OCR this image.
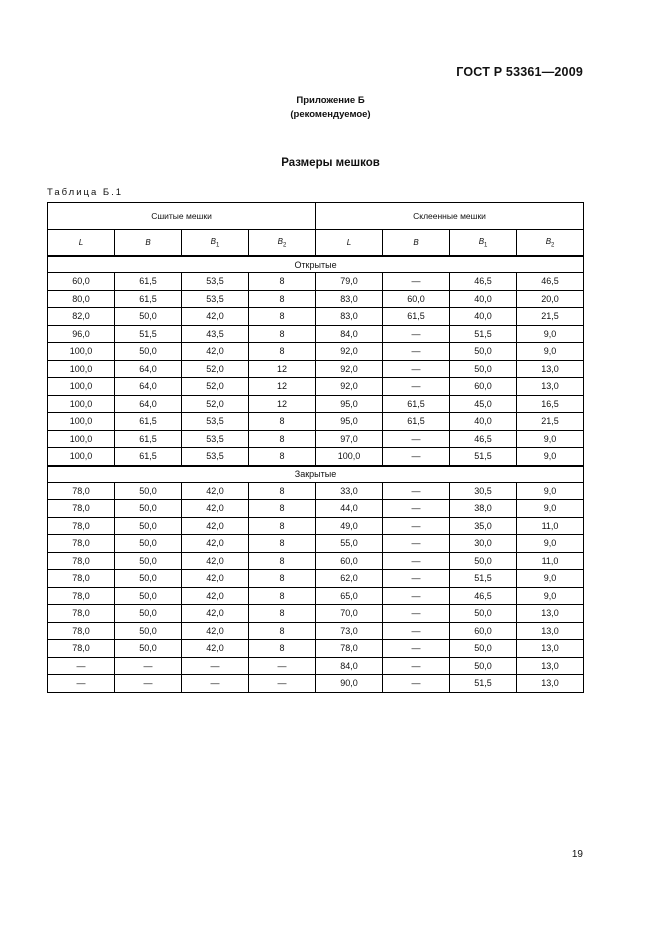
ГОСТ Р 53361—2009
Приложение Б
(рекомендуемое)
Размеры мешков
Таблица Б.1
Сшитые мешки				Склеенные мешки			
L	B	$B_1$	$B_2$	L	B	$B_1$	$B_2$
Открытые							
60,0	61,5	53,5	8	79,0	—	46,5	46,5
80,0	61,5	53,5	8	83,0	60,0	40,0	20,0
82,0	50,0	42,0	8	83,0	61,5	40,0	21,5
96,0	51,5	43,5	8	84,0	—	51,5	9,0
100,0	50,0	42,0	8	92,0	—	50,0	9,0
100,0	64,0	52,0	12	92,0	—	50,0	13,0
100,0	64,0	52,0	12	92,0	—	60,0	13,0
100,0	64,0	52,0	12	95,0	61,5	45,0	16,5
100,0	61,5	53,5	8	95,0	61,5	40,0	21,5
100,0	61,5	53,5	8	97,0	—	46,5	9,0
100,0	61,5	53,5	8	100,0	—	51,5	9,0
Закрытые							
78,0	50,0	42,0	8	33,0	—	30,5	9,0
78,0	50,0	42,0	8	44,0	—	38,0	9,0
78,0	50,0	42,0	8	49,0	—	35,0	11,0
78,0	50,0	42,0	8	55,0	—	30,0	9,0
78,0	50,0	42,0	8	60,0	—	50,0	11,0
78,0	50,0	42,0	8	62,0	—	51,5	9,0
78,0	50,0	42,0	8	65,0	—	46,5	9,0
78,0	50,0	42,0	8	70,0	—	50,0	13,0
78,0	50,0	42,0	8	73,0	—	60,0	13,0
78,0	50,0	42,0	8	78,0	—	50,0	13,0
—	—	—	—	84,0	—	50,0	13,0
—	—	—	—	90,0	—	51,5	13,0
19
